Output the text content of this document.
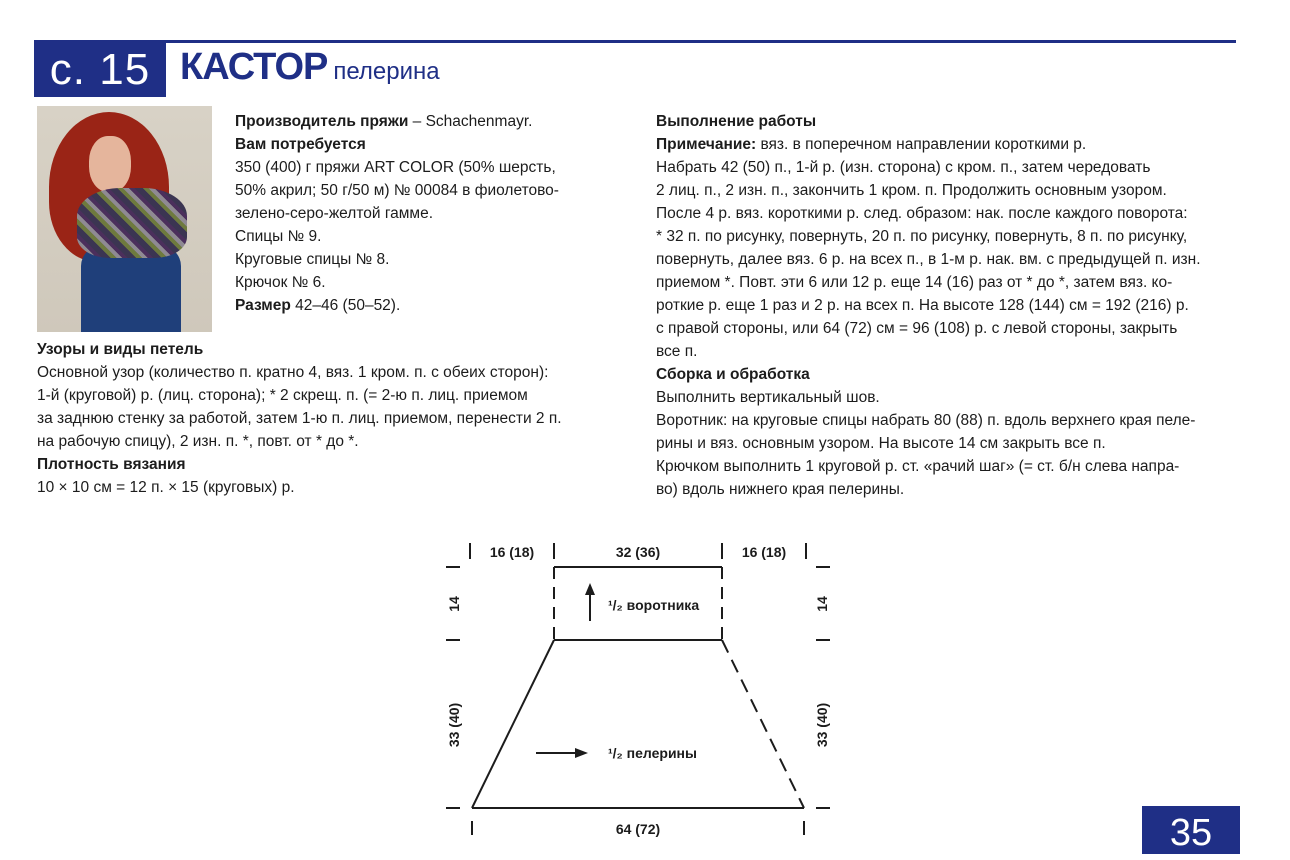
с. 15 КАСТОР пелерина

Производитель пряжи – Schachenmayr.

Вам потребуется

350 (400) г пряжи ART COLOR (50% шерсть,

50% акрил; 50 г/50 м) № 00084 в фиолетово-

зелено-серо-желтой гамме.

Спицы № 9.

Круговые спицы № 8.

Крючок № 6.

Размер 42–46 (50–52).

Узоры и виды петель

Основной узор (количество п. кратно 4, вяз. 1 кром. п. с обеих сторон):

1-й (круговой) р. (лиц. сторона); * 2 скрещ. п. (= 2-ю п. лиц. приемом

за заднюю стенку за работой, затем 1-ю п. лиц. приемом, перенести 2 п.

на рабочую спицу), 2 изн. п. *, повт. от * до *.

Плотность вязания

10 × 10 см = 12 п. × 15 (круговых) р.

Выполнение работы

Примечание: вяз. в поперечном направлении короткими р.

Набрать 42 (50) п., 1-й р. (изн. сторона) с кром. п., затем чередовать

2 лиц. п., 2 изн. п., закончить 1 кром. п. Продолжить основным узором.

После 4 р. вяз. короткими р. след. образом: нак. после каждого поворота:

* 32 п. по рисунку, повернуть, 20 п. по рисунку, повернуть, 8 п. по рисунку,

повернуть, далее вяз. 6 р. на всех п., в 1-м р. нак. вм. с предыдущей п. изн.

приемом *. Повт. эти 6 или 12 р. еще 14 (16) раз от * до *, затем вяз. ко-

роткие р. еще 1 раз и 2 р. на всех п. На высоте 128 (144) см = 192 (216) р.

с правой стороны, или 64 (72) см = 96 (108) р. с левой стороны, закрыть

все п.

Сборка и обработка

Выполнить вертикальный шов.

Воротник: на круговые спицы набрать 80 (88) п. вдоль верхнего края пеле-

рины и вяз. основным узором. На высоте 14 см закрыть все п.

Крючком выполнить 1 круговой р. ст. «рачий шаг» (= ст. б/н слева напра-

во) вдоль нижнего края пелерины.

16 (18)	32 (36)	16 (18)
64 (72)
¹/₂ воротника
¹/₂ пелерины
14	14
33 (40)	33 (40)
35
